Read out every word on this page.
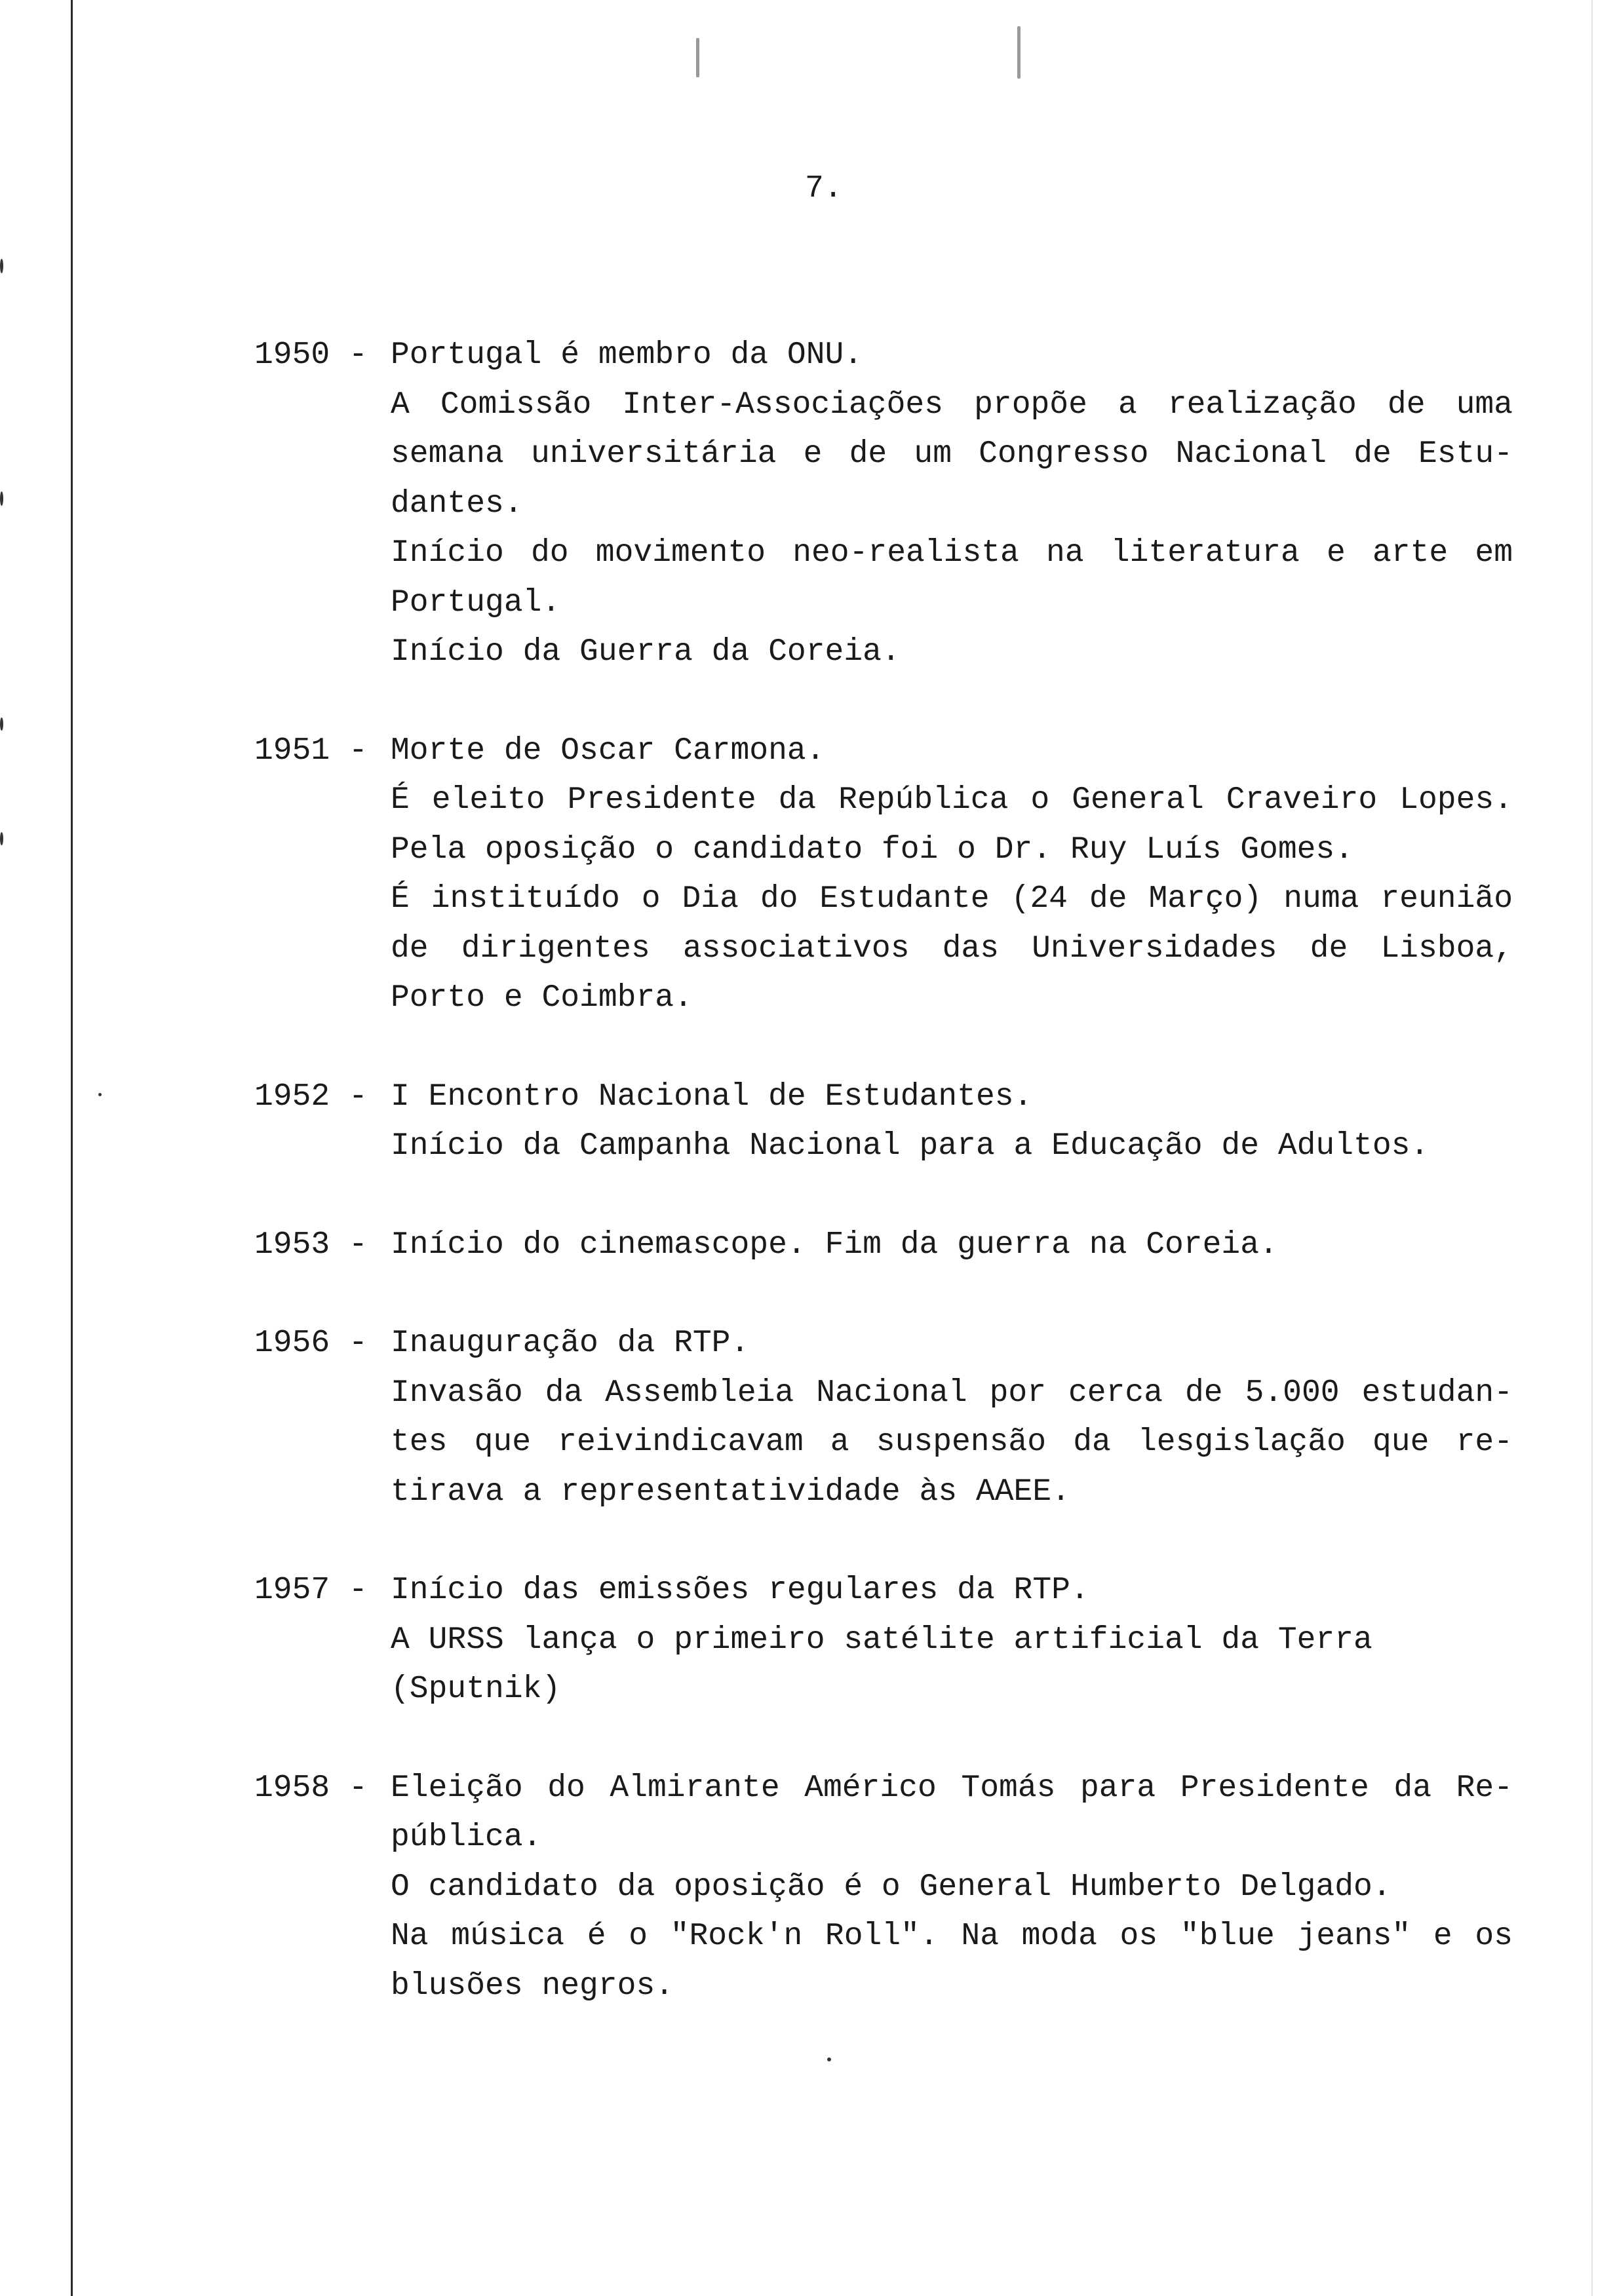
7.
1950 - Portugal é membro da ONU.
A Comissão Inter-Associações propõe a realização de uma
semana universitária e de um Congresso Nacional de Estu-
dantes.
Início do movimento neo-realista na literatura e arte em
Portugal.
Início da Guerra da Coreia.
1951 - Morte de Oscar Carmona.
É eleito Presidente da República o General Craveiro Lopes.
Pela oposição o candidato foi o Dr. Ruy Luís Gomes.
É instituído o Dia do Estudante (24 de Março) numa reunião
de dirigentes associativos das Universidades de Lisboa,
Porto e Coimbra.
1952 - I Encontro Nacional de Estudantes.
Início da Campanha Nacional para a Educação de Adultos.
1953 - Início do cinemascope. Fim da guerra na Coreia.
1956 - Inauguração da RTP.
Invasão da Assembleia Nacional por cerca de 5.000 estudan-
tes que reivindicavam a suspensão da lesgislação que re-
tirava a representatividade às AAEE.
1957 - Início das emissões regulares da RTP.
A URSS lança o primeiro satélite artificial da Terra
(Sputnik)
1958 - Eleição do Almirante Américo Tomás para Presidente da Re-
pública.
O candidato da oposição é o General Humberto Delgado.
Na música é o "Rock'n Roll". Na moda os "blue jeans" e os
blusões negros.
